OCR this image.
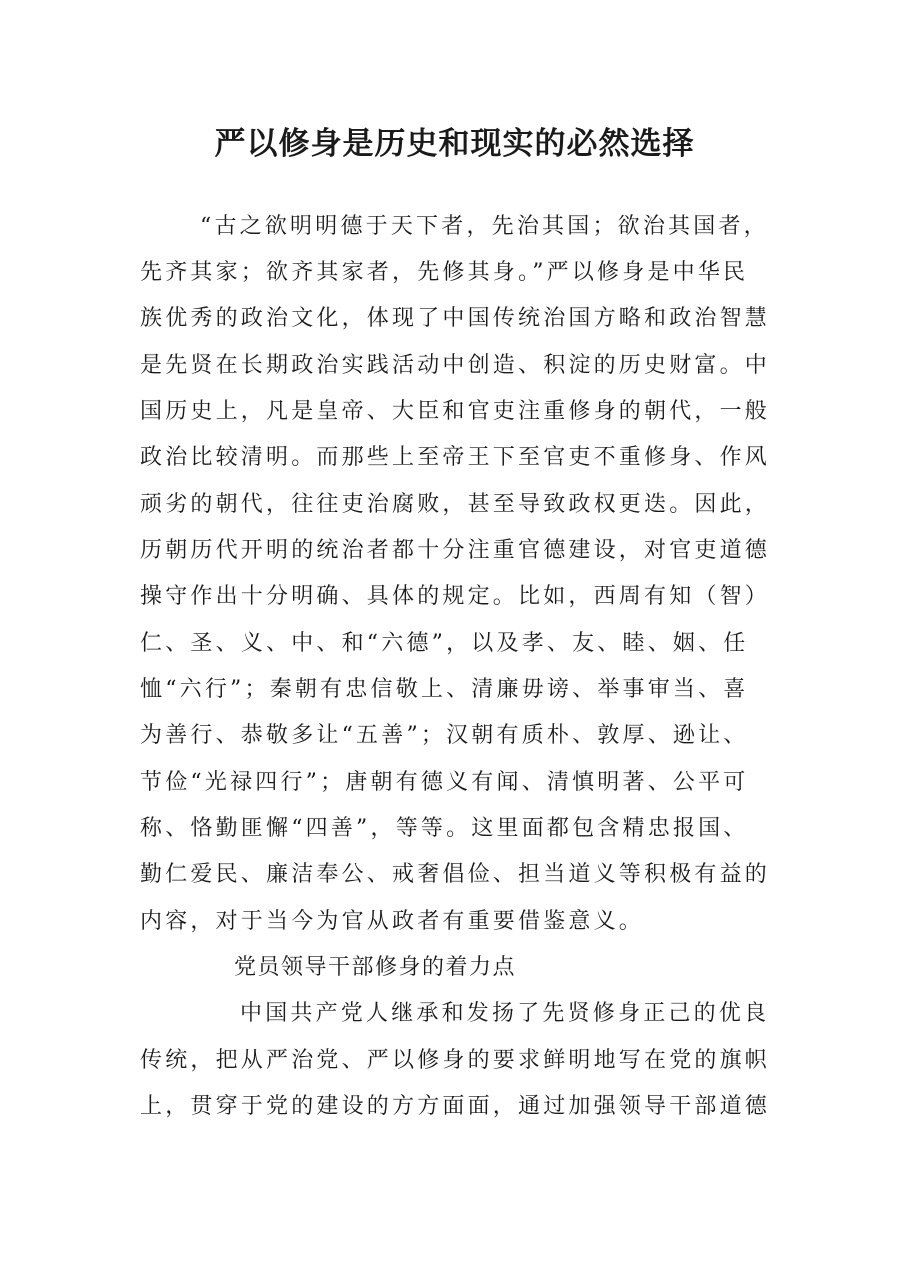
严以修身是历史和现实的必然选择
“古之欲明明德于天下者，先治其国；欲治其国者，
先齐其家；欲齐其家者，先修其身。”严以修身是中华民
族优秀的政治文化，体现了中国传统治国方略和政治智慧
是先贤在长期政治实践活动中创造、积淀的历史财富。中
国历史上，凡是皇帝、大臣和官吏注重修身的朝代，一般
政治比较清明。而那些上至帝王下至官吏不重修身、作风
顽劣的朝代，往往吏治腐败，甚至导致政权更迭。因此，
历朝历代开明的统治者都十分注重官德建设，对官吏道德
操守作出十分明确、具体的规定。比如，西周有知（智）
仁、圣、义、中、和“六德”，以及孝、友、睦、姻、任
恤“六行”；秦朝有忠信敬上、清廉毋谤、举事审当、喜
为善行、恭敬多让“五善”；汉朝有质朴、敦厚、逊让、
节俭“光禄四行”；唐朝有德义有闻、清慎明著、公平可
称、恪勤匪懈“四善”，等等。这里面都包含精忠报国、
勤仁爱民、廉洁奉公、戒奢倡俭、担当道义等积极有益的
内容，对于当今为官从政者有重要借鉴意义。
党员领导干部修身的着力点
中国共产党人继承和发扬了先贤修身正己的优良
传统，把从严治党、严以修身的要求鲜明地写在党的旗帜
上，贯穿于党的建设的方方面面，通过加强领导干部道德
